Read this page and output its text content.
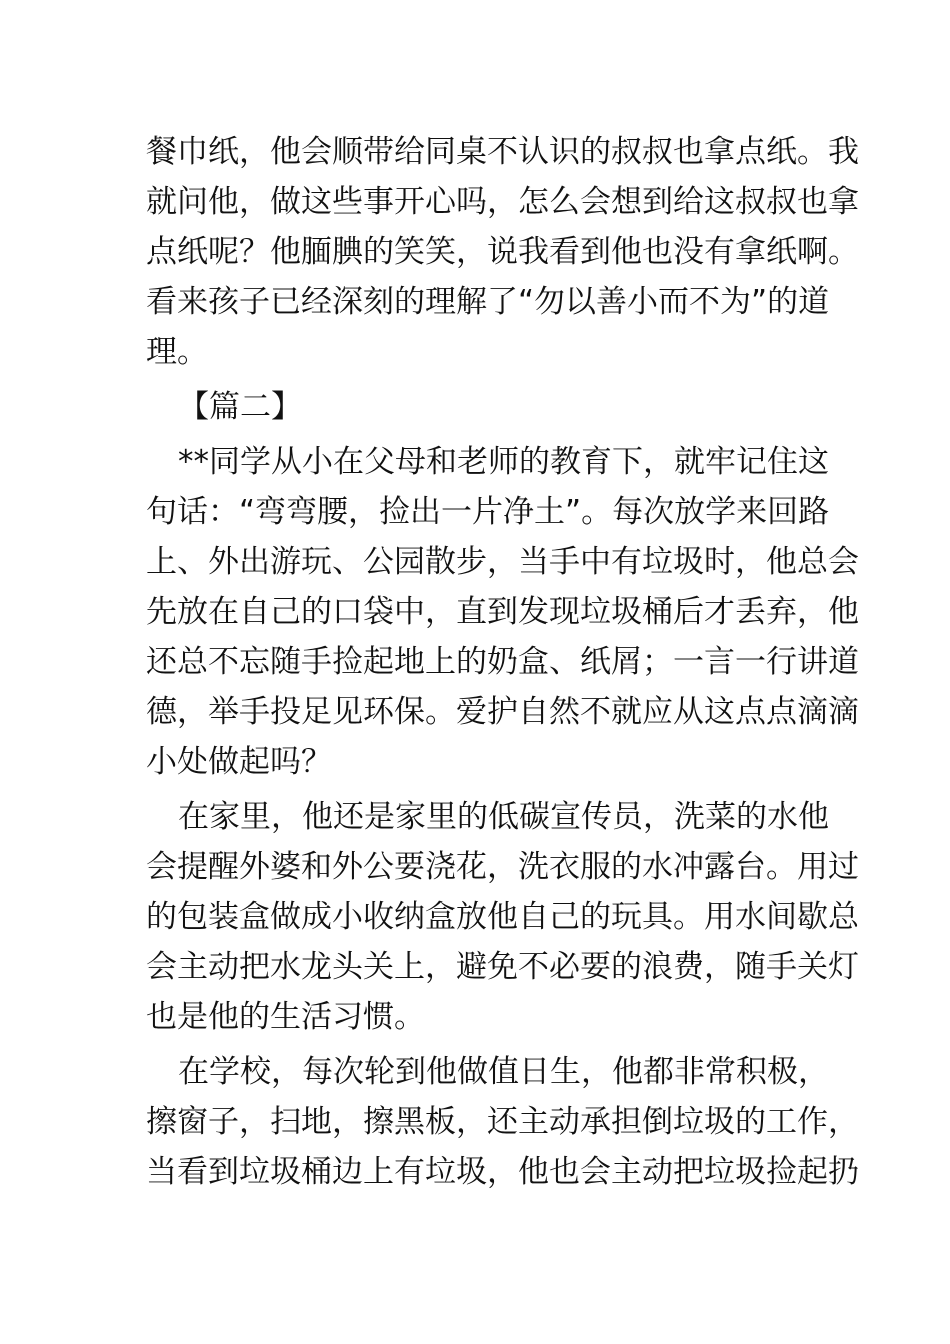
餐巾纸，他会顺带给同桌不认识的叔叔也拿点纸。我
就问他，做这些事开心吗，怎么会想到给这叔叔也拿
点纸呢？他腼腆的笑笑，说我看到他也没有拿纸啊。
看来孩子已经深刻的理解了“勿以善小而不为”的道
理。
【篇二】
**同学从小在父母和老师的教育下，就牢记住这
句话：“弯弯腰，捡出一片净土”。每次放学来回路
上、外出游玩、公园散步，当手中有垃圾时，他总会
先放在自己的口袋中，直到发现垃圾桶后才丢弃，他
还总不忘随手捡起地上的奶盒、纸屑；一言一行讲道
德，举手投足见环保。爱护自然不就应从这点点滴滴
小处做起吗？
在家里，他还是家里的低碳宣传员，洗菜的水他
会提醒外婆和外公要浇花，洗衣服的水冲露台。用过
的包装盒做成小收纳盒放他自己的玩具。用水间歇总
会主动把水龙头关上，避免不必要的浪费，随手关灯
也是他的生活习惯。
在学校，每次轮到他做值日生，他都非常积极，
擦窗子，扫地，擦黑板，还主动承担倒垃圾的工作，
当看到垃圾桶边上有垃圾，他也会主动把垃圾捡起扔
